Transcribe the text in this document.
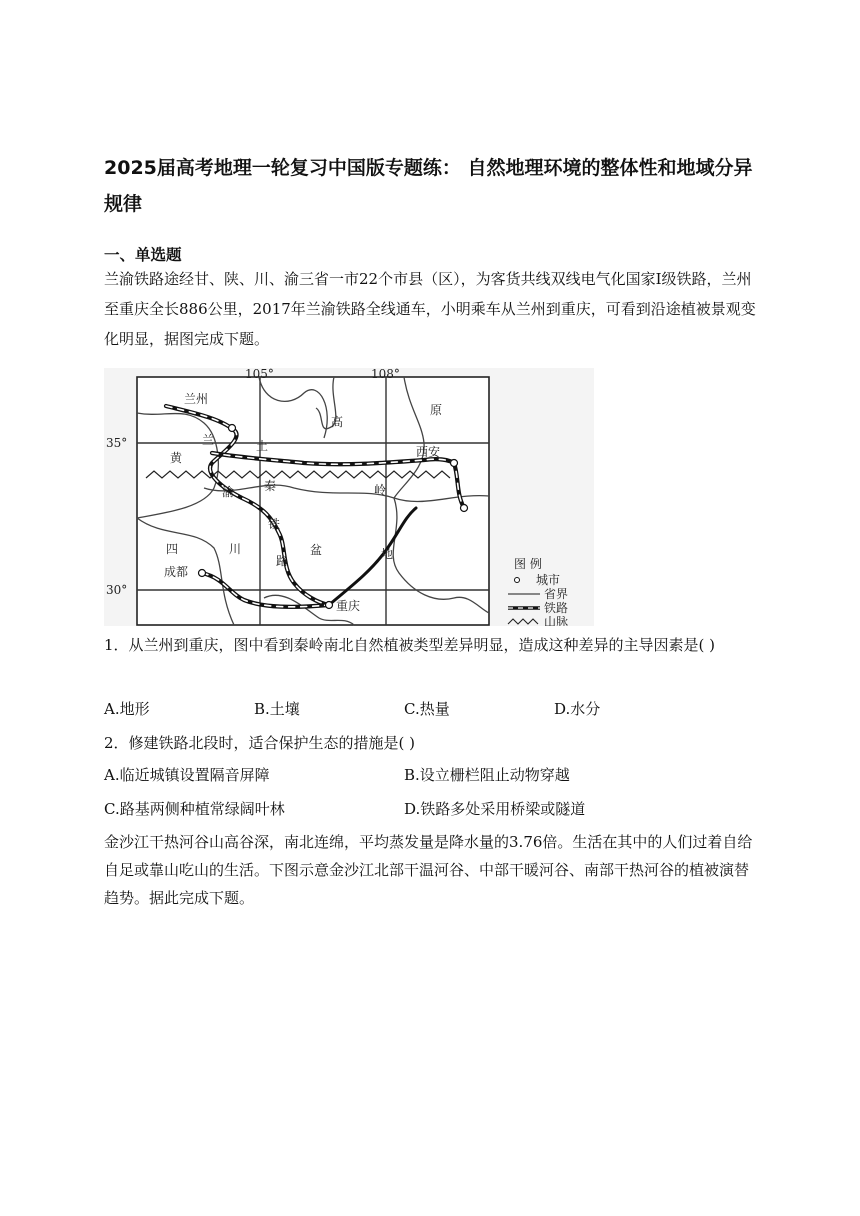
2025届高考地理一轮复习中国版专题练： 自然地理环境的整体性和地域分异规律
一、单选题

兰渝铁路途经甘、陕、川、渝三省一市22个市县（区），为客货共线双线电气化国家I级铁路，兰州至重庆全长886公里，2017年兰渝铁路全线通车，小明乘车从兰州到重庆，可看到沿途植被景观变化明显，据图完成下题。

105°	108°
35°
30°
兰州
西安
成都
重庆
黄
土
高
原
秦	岭
四	川	盆	地
兰
渝
铁
路	图 例
城市
省界
铁路
山脉

1．从兰州到重庆，图中看到秦岭南北自然植被类型差异明显，造成这种差异的主导因素是( )

A.地形	B.土壤	C.热量	D.水分

2．修建铁路北段时，适合保护生态的措施是( )

A.临近城镇设置隔音屏障	B.设立栅栏阻止动物穿越
C.路基两侧种植常绿阔叶林	D.铁路多处采用桥梁或隧道

金沙江干热河谷山高谷深，南北连绵，平均蒸发量是降水量的3.76倍。生活在其中的人们过着自给自足或靠山吃山的生活。下图示意金沙江北部干温河谷、中部干暖河谷、南部干热河谷的植被演替趋势。据此完成下题。
